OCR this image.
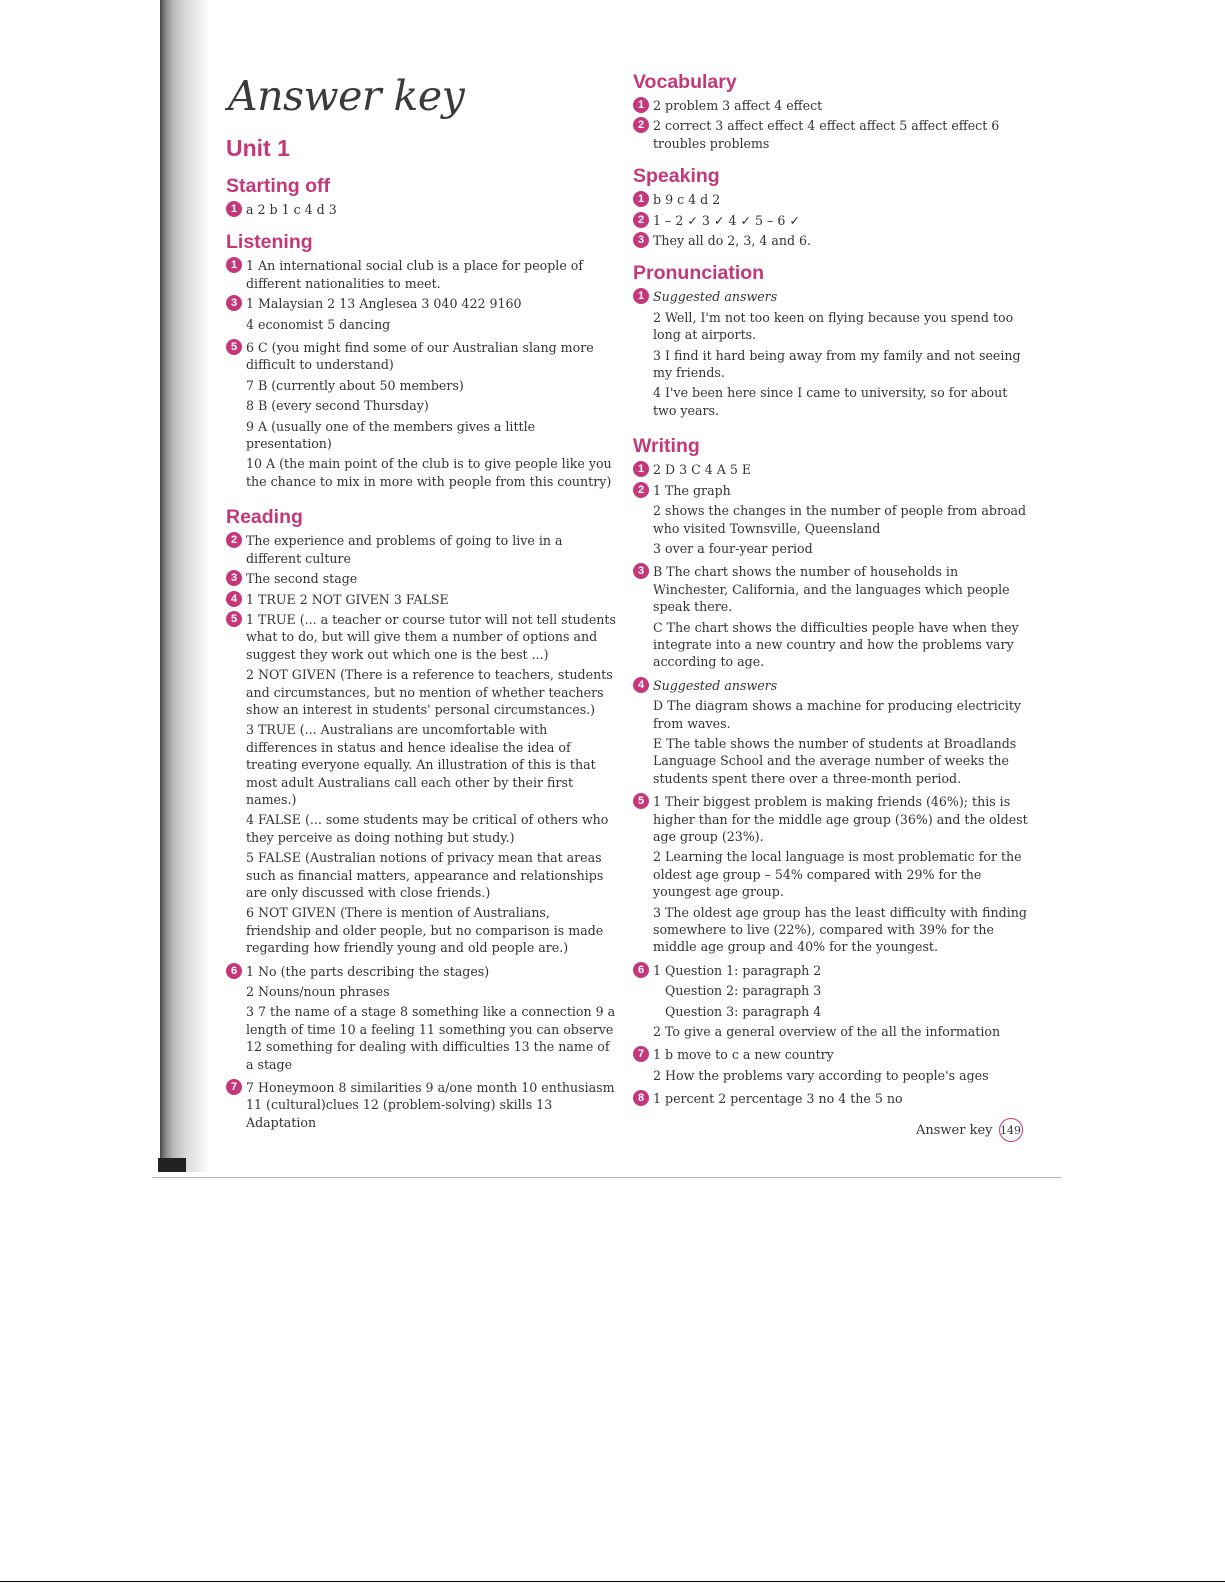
Answer key
Unit 1
Starting off
1 a 2 b 1 c 4 d 3
Listening
1 1 An international social club is a place for people of different nationalities to meet.
3 1 Malaysian 2 13 Anglesea 3 040 422 9160

4 economist 5 dancing

5 6 C (you might find some of our Australian slang more difficult to understand)

7 B (currently about 50 members)

8 B (every second Thursday)

9 A (usually one of the members gives a little presentation)

10 A (the main point of the club is to give people like you the chance to mix in more with people from this country)

Reading
2 The experience and problems of going to live in a different culture
3 The second stage
4 1 TRUE 2 NOT GIVEN 3 FALSE
5 1 TRUE (... a teacher or course tutor will not tell students what to do, but will give them a number of options and suggest they work out which one is the best ...)

2 NOT GIVEN (There is a reference to teachers, students and circumstances, but no mention of whether teachers show an interest in students' personal circumstances.)

3 TRUE (... Australians are uncomfortable with differences in status and hence idealise the idea of treating everyone equally. An illustration of this is that most adult Australians call each other by their first names.)

4 FALSE (... some students may be critical of others who they perceive as doing nothing but study.)

5 FALSE (Australian notions of privacy mean that areas such as financial matters, appearance and relationships are only discussed with close friends.)

6 NOT GIVEN (There is mention of Australians, friendship and older people, but no comparison is made regarding how friendly young and old people are.)

6 1 No (the parts describing the stages)

2 Nouns/noun phrases

3 7 the name of a stage 8 something like a connection 9 a length of time 10 a feeling 11 something you can observe 12 something for dealing with difficulties 13 the name of a stage

7 7 Honeymoon 8 similarities 9 a/one month 10 enthusiasm 11 (cultural)clues 12 (problem-solving) skills 13 Adaptation
Vocabulary
1 2 problem 3 affect 4 effect
2 2 correct 3 affect effect 4 effect affect 5 affect effect 6 troubles problems
Speaking
1 b 9 c 4 d 2
2 1 – 2 ✓ 3 ✓ 4 ✓ 5 – 6 ✓
3 They all do 2, 3, 4 and 6.
Pronunciation
1 Suggested answers

2 Well, I'm not too keen on flying because you spend too long at airports.

3 I find it hard being away from my family and not seeing my friends.

4 I've been here since I came to university, so for about two years.

Writing
1 2 D 3 C 4 A 5 E
2 1 The graph

2 shows the changes in the number of people from abroad who visited Townsville, Queensland

3 over a four-year period

3 B The chart shows the number of households in Winchester, California, and the languages which people speak there.

C The chart shows the difficulties people have when they integrate into a new country and how the problems vary according to age.

4 Suggested answers

D The diagram shows a machine for producing electricity from waves.

E The table shows the number of students at Broadlands Language School and the average number of weeks the students spent there over a three-month period.

5 1 Their biggest problem is making friends (46%); this is higher than for the middle age group (36%) and the oldest age group (23%).

2 Learning the local language is most problematic for the oldest age group – 54% compared with 29% for the youngest age group.

3 The oldest age group has the least difficulty with finding somewhere to live (22%), compared with 39% for the middle age group and 40% for the youngest.

6 1 Question 1: paragraph 2

Question 2: paragraph 3

Question 3: paragraph 4

2 To give a general overview of the all the information

7 1 b move to c a new country

2 How the problems vary according to people's ages

8 1 percent 2 percentage 3 no 4 the 5 no
Answer key 149
